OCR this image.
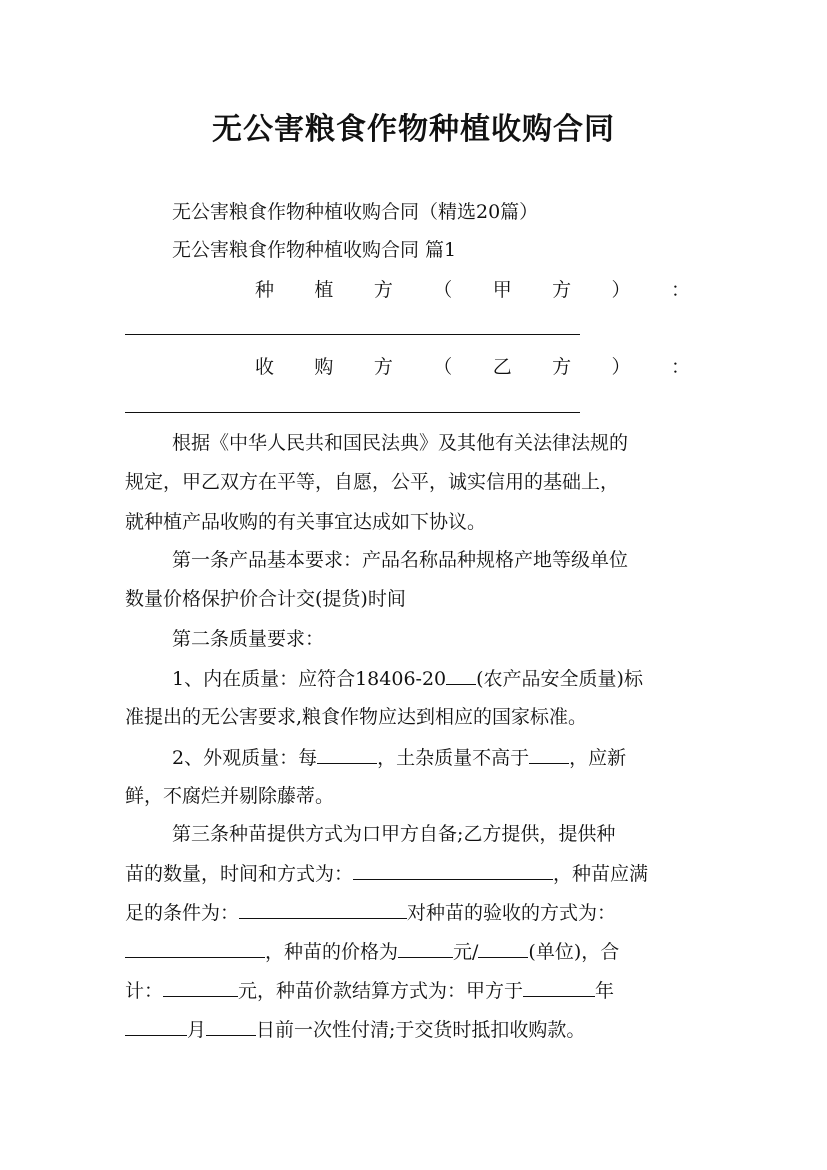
无公害粮食作物种植收购合同
无公害粮食作物种植收购合同（精选20篇）
无公害粮食作物种植收购合同 篇1
种 植 方 （ 甲 方 ） ：
收 购 方 （ 乙 方 ） ：
根据《中华人民共和国民法典》及其他有关法律法规的
规定，甲乙双方在平等，自愿，公平，诚实信用的基础上，
就种植产品收购的有关事宜达成如下协议。
第一条产品基本要求：产品名称品种规格产地等级单位
数量价格保护价合计交(提货)时间
第二条质量要求：
1、内在质量：应符合18406-20 (农产品安全质量)标
准提出的无公害要求,粮食作物应达到相应的国家标准。
2、外观质量：每	，土杂质量不高于 ，应新
鲜，不腐烂并剔除藤蒂。
第三条种苗提供方式为口甲方自备;乙方提供，提供种
苗的数量，时间和方式为：	，种苗应满
足的条件为：	对种苗的验收的方式为：
，种苗的价格为	元/	(单位)，合
计：	元，种苗价款结算方式为：甲方于	年
月	日前一次性付清;于交货时抵扣收购款。
